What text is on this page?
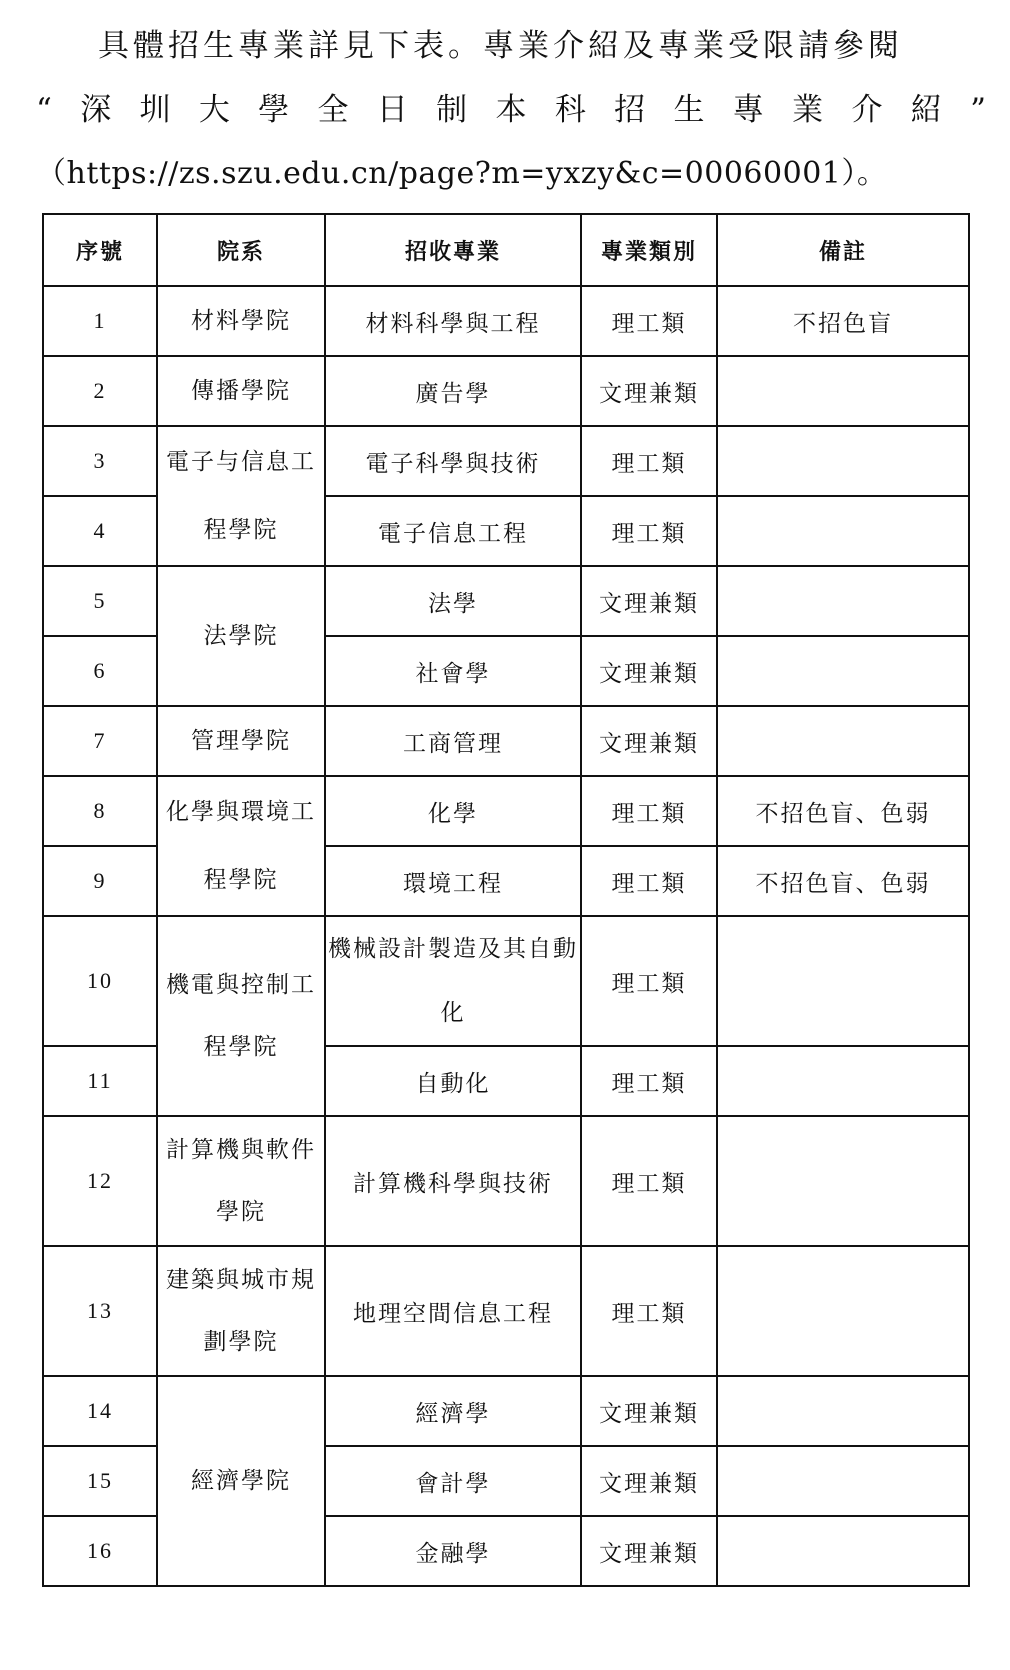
具體招生專業詳見下表。專業介紹及專業受限請參閱
“ 深 圳 大 學 全 日 制 本 科 招 生 專 業 介 紹 ”
（https://zs.szu.edu.cn/page?m=yxzy&c=00060001）。
序號	院系	招收專業	專業類別	備註
1	材料學院	材料科學與工程	理工類	不招色盲
2	傳播學院	廣告學	文理兼類	
3	電子与信息工程學院	電子科學與技術	理工類	
4		電子信息工程	理工類	
5	法學院	法學	文理兼類	
6		社會學	文理兼類	
7	管理學院	工商管理	文理兼類	
8	化學與環境工程學院	化學	理工類	不招色盲、色弱
9		環境工程	理工類	不招色盲、色弱
10	機電與控制工程學院	機械設計製造及其自動化	理工類	
11		自動化	理工類	
12	計算機與軟件學院	計算機科學與技術	理工類	
13	建築與城市規劃學院	地理空間信息工程	理工類	
14	經濟學院	經濟學	文理兼類	
15		會計學	文理兼類	
16		金融學	文理兼類	
